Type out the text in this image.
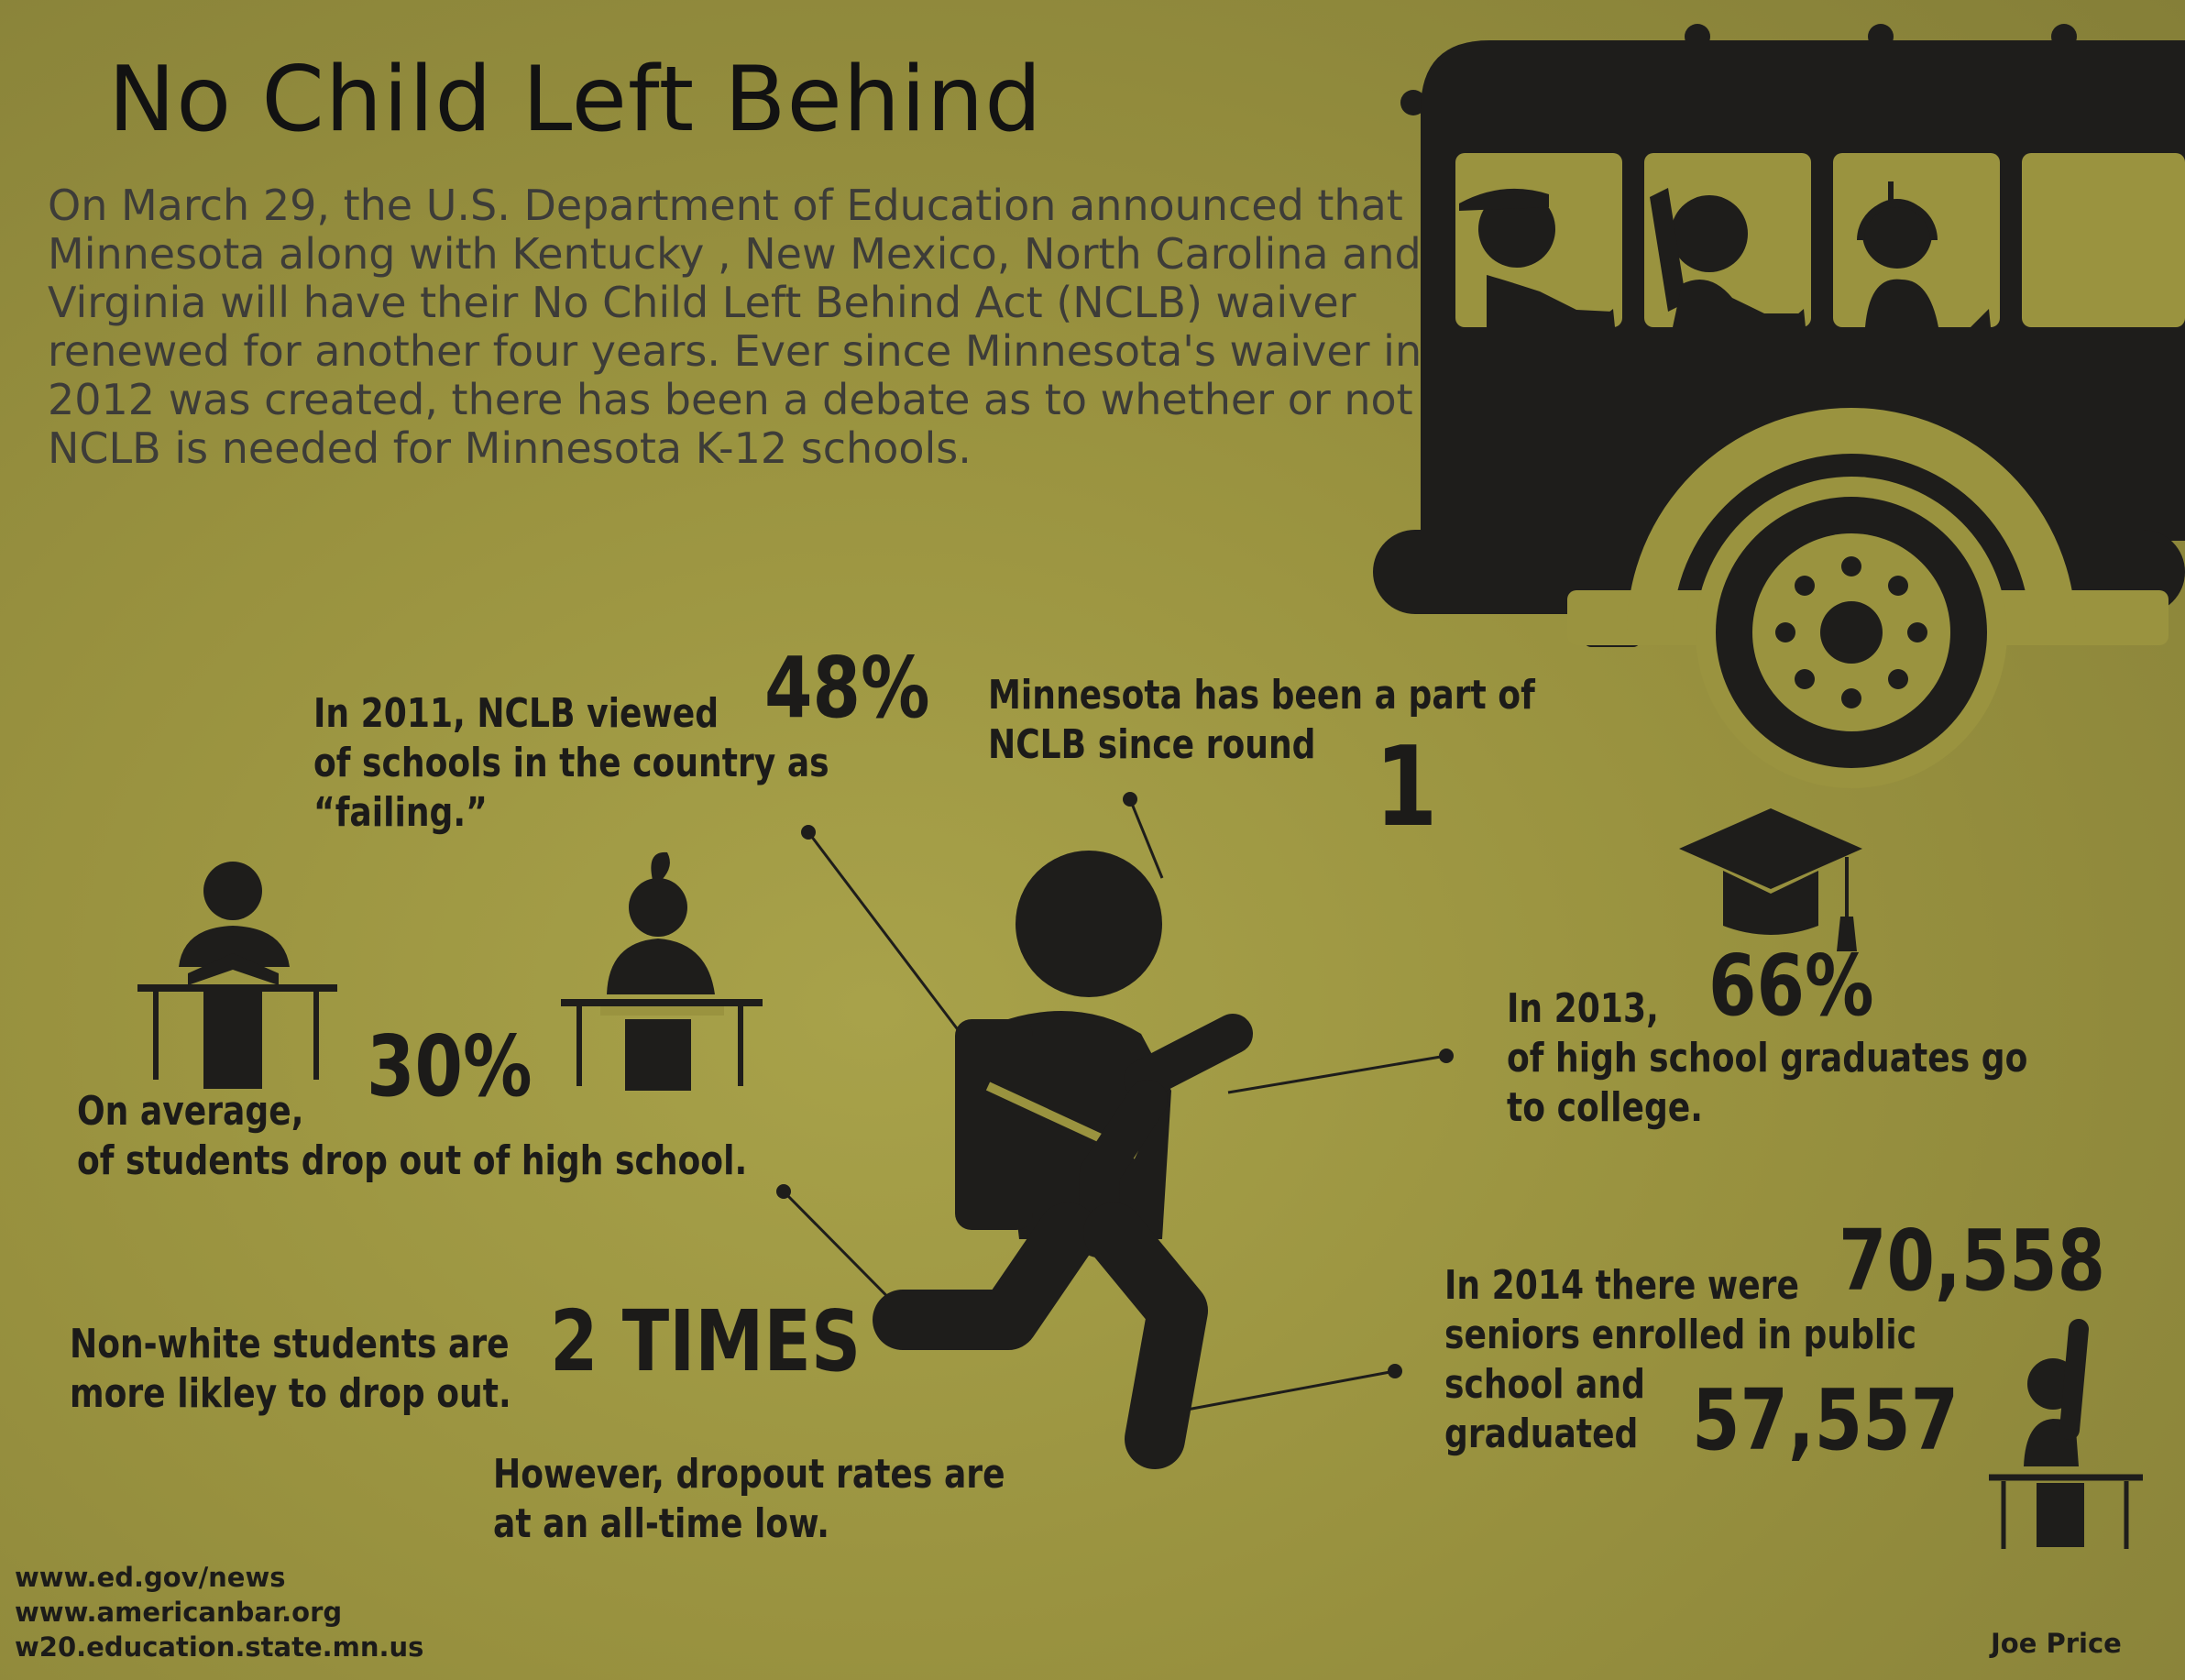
No Child Left Behind

On March 29, the U.S. Department of Education announced that Minnesota along with Kentucky , New Mexico, North Carolina and Virginia will have their No Child Left Behind Act (NCLB) waiver renewed for another four years. Ever since Minnesota's waiver in 2012 was created, there has been a debate as to whether or not NCLB is needed for Minnesota K-12 schools.

In 2011, NCLB viewed 48%
of schools in the country as
“failing.”
Minnesota has been a part of
NCLB since round 1
On average, 30%
of students drop out of high school.
In 2013, 66%
of high school graduates go
to college.
Non-white students are 2 TIMES
more likley to drop out.
However, dropout rates are
at an all-time low.
In 2014 there were 70,558
seniors enrolled in public
school and
graduated 57,557
www.ed.gov/news
www.americanbar.org
w20.education.state.mn.us	Joe Price
